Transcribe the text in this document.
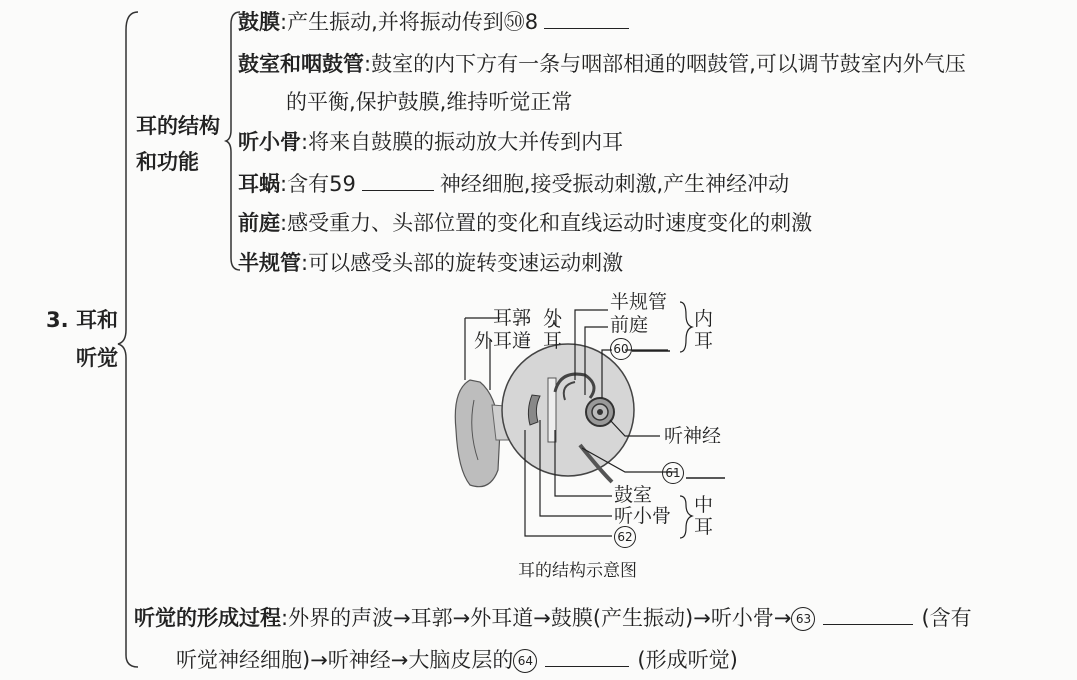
3. 耳和
听觉
耳的结构
和功能
鼓膜:产生振动,并将振动传到㊿8
鼓室和咽鼓管:鼓室的内下方有一条与咽部相通的咽鼓管,可以调节鼓室内外气压
的平衡,保护鼓膜,维持听觉正常
听小骨:将来自鼓膜的振动放大并传到内耳
耳蜗:含有59	神经细胞,接受振动刺激,产生神经冲动
前庭:感受重力、头部位置的变化和直线运动时速度变化的刺激
半规管:可以感受头部的旋转变速运动刺激
耳郭
外耳道
外
耳
半规管
前庭
60
内
耳
听神经
61
鼓室
听小骨
62
中
耳
耳的结构示意图
听觉的形成过程:外界的声波→耳郭→外耳道→鼓膜(产生振动)→听小骨→ 63	(含有
听觉神经细胞)→听神经→大脑皮层的 64	(形成听觉)
